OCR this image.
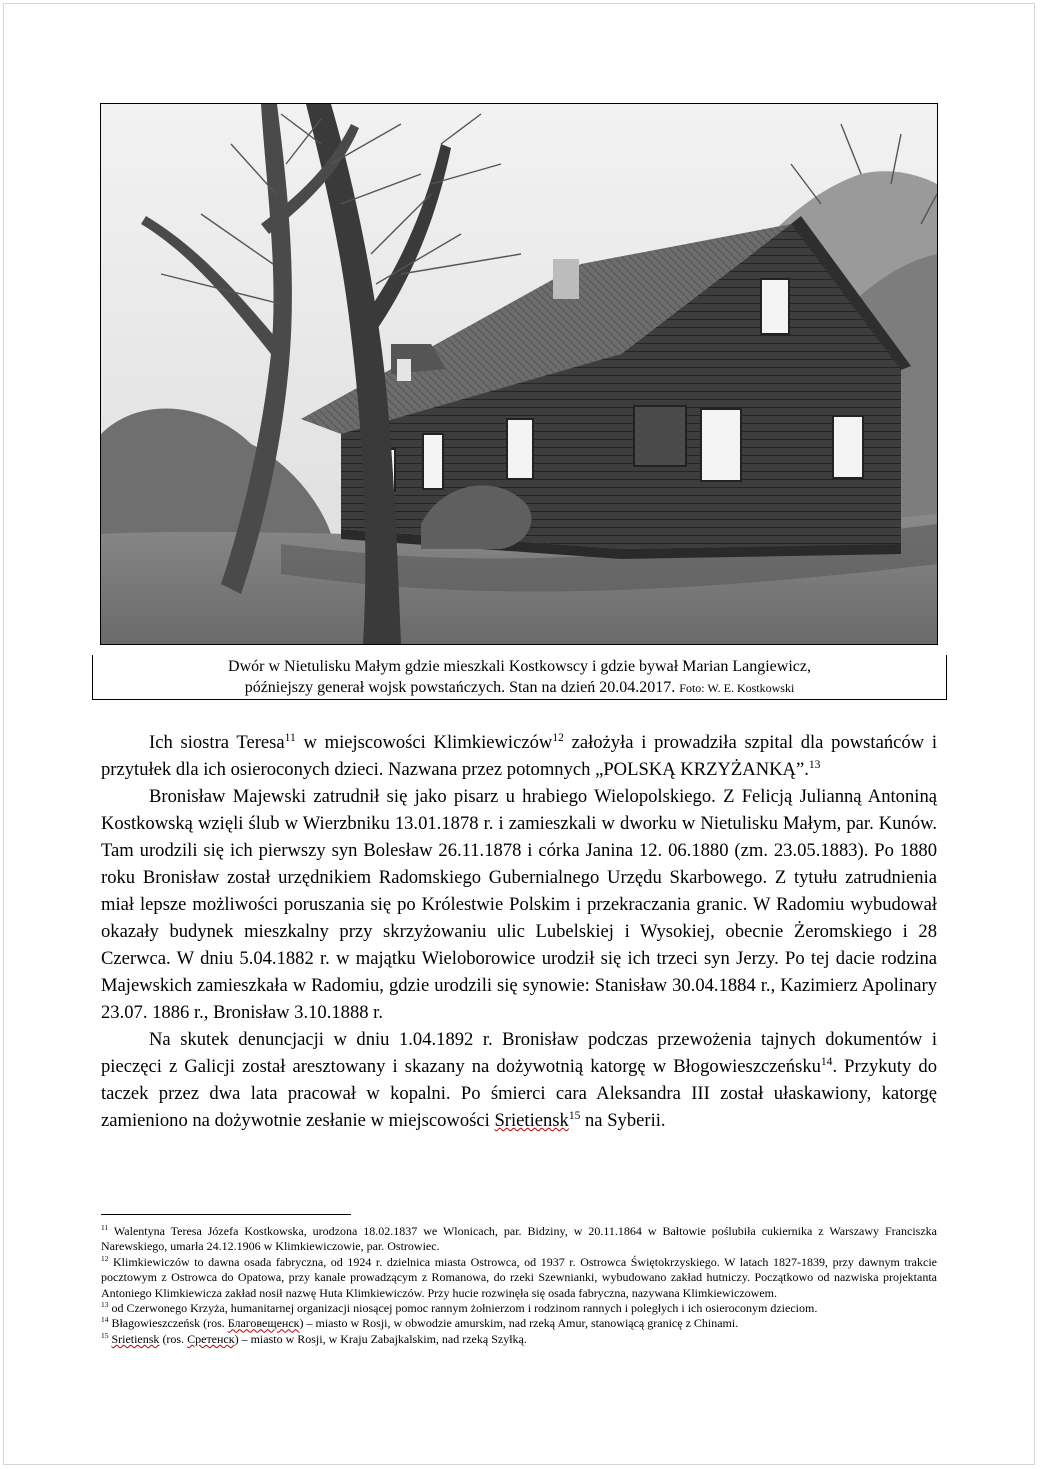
Dwór w Nietulisku Małym gdzie mieszkali Kostkowscy i gdzie bywał Marian Langiewicz,
późniejszy generał wojsk powstańczych. Stan na dzień 20.04.2017. Foto: W. E. Kostkowski

Ich siostra Teresa$^{11}$ w miejscowości Klimkiewiczów$^{12}$ założyła i prowadziła szpital dla powstańców i przytułek dla ich osieroconych dzieci. Nazwana przez potomnych „POLSKĄ KRZYŻANKĄ”.$^{13}$

Bronisław Majewski zatrudnił się jako pisarz u hrabiego Wielopolskiego. Z Felicją Julianną Antoniną Kostkowską wzięli ślub w Wierzbniku 13.01.1878 r. i zamieszkali w dworku w Nietulisku Małym, par. Kunów. Tam urodzili się ich pierwszy syn Bolesław 26.11.1878 i córka Janina 12. 06.1880 (zm. 23.05.1883). Po 1880 roku Bronisław został urzędnikiem Radomskiego Gubernialnego Urzędu Skarbowego. Z tytułu zatrudnienia miał lepsze możliwości poruszania się po Królestwie Polskim i przekraczania granic. W Radomiu wybudował okazały budynek mieszkalny przy skrzyżowaniu ulic Lubelskiej i Wysokiej, obecnie Żeromskiego i 28 Czerwca. W dniu 5.04.1882 r. w majątku Wieloborowice urodził się ich trzeci syn Jerzy. Po tej dacie rodzina Majewskich zamieszkała w Radomiu, gdzie urodzili się synowie: Stanisław 30.04.1884 r., Kazimierz Apolinary 23.07. 1886 r., Bronisław 3.10.1888 r.

Na skutek denuncjacji w dniu 1.04.1892 r. Bronisław podczas przewożenia tajnych dokumentów i pieczęci z Galicji został aresztowany i skazany na dożywotnią katorgę w Błogowieszczeńsku$^{14}$. Przykuty do taczek przez dwa lata pracował w kopalni. Po śmierci cara Aleksandra III został ułaskawiony, katorgę zamieniono na dożywotnie zesłanie w miejscowości Srietiensk$^{15}$ na Syberii.

$^{11}$ Walentyna Teresa Józefa Kostkowska, urodzona 18.02.1837 we Wlonicach, par. Bidziny, w 20.11.1864 w Bałtowie poślubiła cukiernika z Warszawy Franciszka Narewskiego, umarła 24.12.1906 w Klimkiewiczowie, par. Ostrowiec.

$^{12}$ Klimkiewiczów to dawna osada fabryczna, od 1924 r. dzielnica miasta Ostrowca, od 1937 r. Ostrowca Świętokrzyskiego. W latach 1827-1839, przy dawnym trakcie pocztowym z Ostrowca do Opatowa, przy kanale prowadzącym z Romanowa, do rzeki Szewnianki, wybudowano zakład hutniczy. Początkowo od nazwiska projektanta Antoniego Klimkiewicza zakład nosił nazwę Huta Klimkiewiczów. Przy hucie rozwinęła się osada fabryczna, nazywana Klimkiewiczowem.

$^{13}$ od Czerwonego Krzyża, humanitarnej organizacji niosącej pomoc rannym żołnierzom i rodzinom rannych i poległych i ich osieroconym dzieciom.

$^{14}$ Błagowieszczeńsk (ros. Благовещенск) – miasto w Rosji, w obwodzie amurskim, nad rzeką Amur, stanowiącą granicę z Chinami.

$^{15}$ Srietiensk (ros. Сретенск) – miasto w Rosji, w Kraju Zabajkalskim, nad rzeką Szyłką.
